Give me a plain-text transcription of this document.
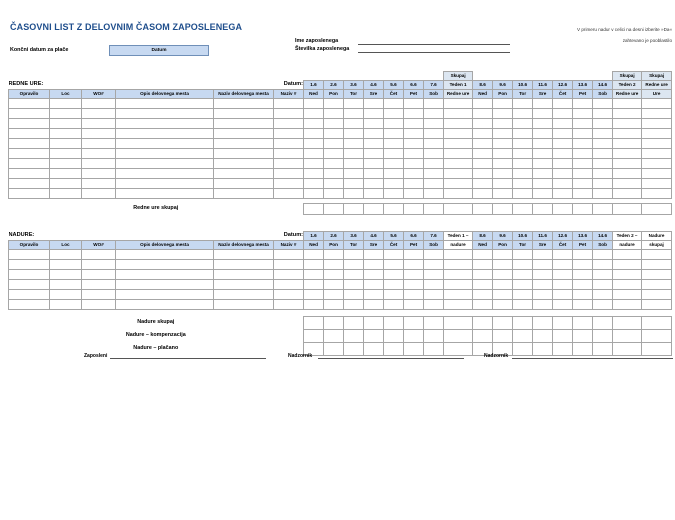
ČASOVNI LIST Z DELOVNIM ČASOM ZAPOSLENEGA	V primeru nadur v celici na desni izberite »Da«
zahtevano je pooblastilo
Ime zaposlenega
Številka zaposlenega
Končni datum za plače	Datum
													Skupaj								Skupaj	Skupaj
REDNE URE:		Datum:				1.6	2.6	3.6	4.6	5.6	6.6	7.6	Teden 1	8.6	9.6	10.6	11.6	12.6	13.6	14.6	Teden 2	Redne ure
Opravilo	Loc	WO#	Opis delovnega mesta	Naziv delovnega mesta	Naziv #	Ned	Pon	Tor	Sre	Čet	Pet	Sob	Redne ure	Ned	Pon	Tor	Sre	Čet	Pet	Sob	Redne ure	Ure

Redne ure skupaj																						
NADURE:		Datum:				1.6	2.6	3.6	4.6	5.6	6.6	7.6	Teden 1 –	8.6	9.6	10.6	11.6	12.6	13.6	14.6	Teden 2 –	Nadure
Opravilo	Loc	WO#	Opis delovnega mesta	Naziv delovnega mesta	Naziv #	Ned	Pon	Tor	Sre	Čet	Pet	Sob	nadure	Ned	Pon	Tor	Sre	Čet	Pet	Sob	nadure	skupaj

Nadure skupaj																						
Nadure – kompenzacija																						
Nadure – plačano																						
Zaposleni	Nadzornik	Nadzornik
